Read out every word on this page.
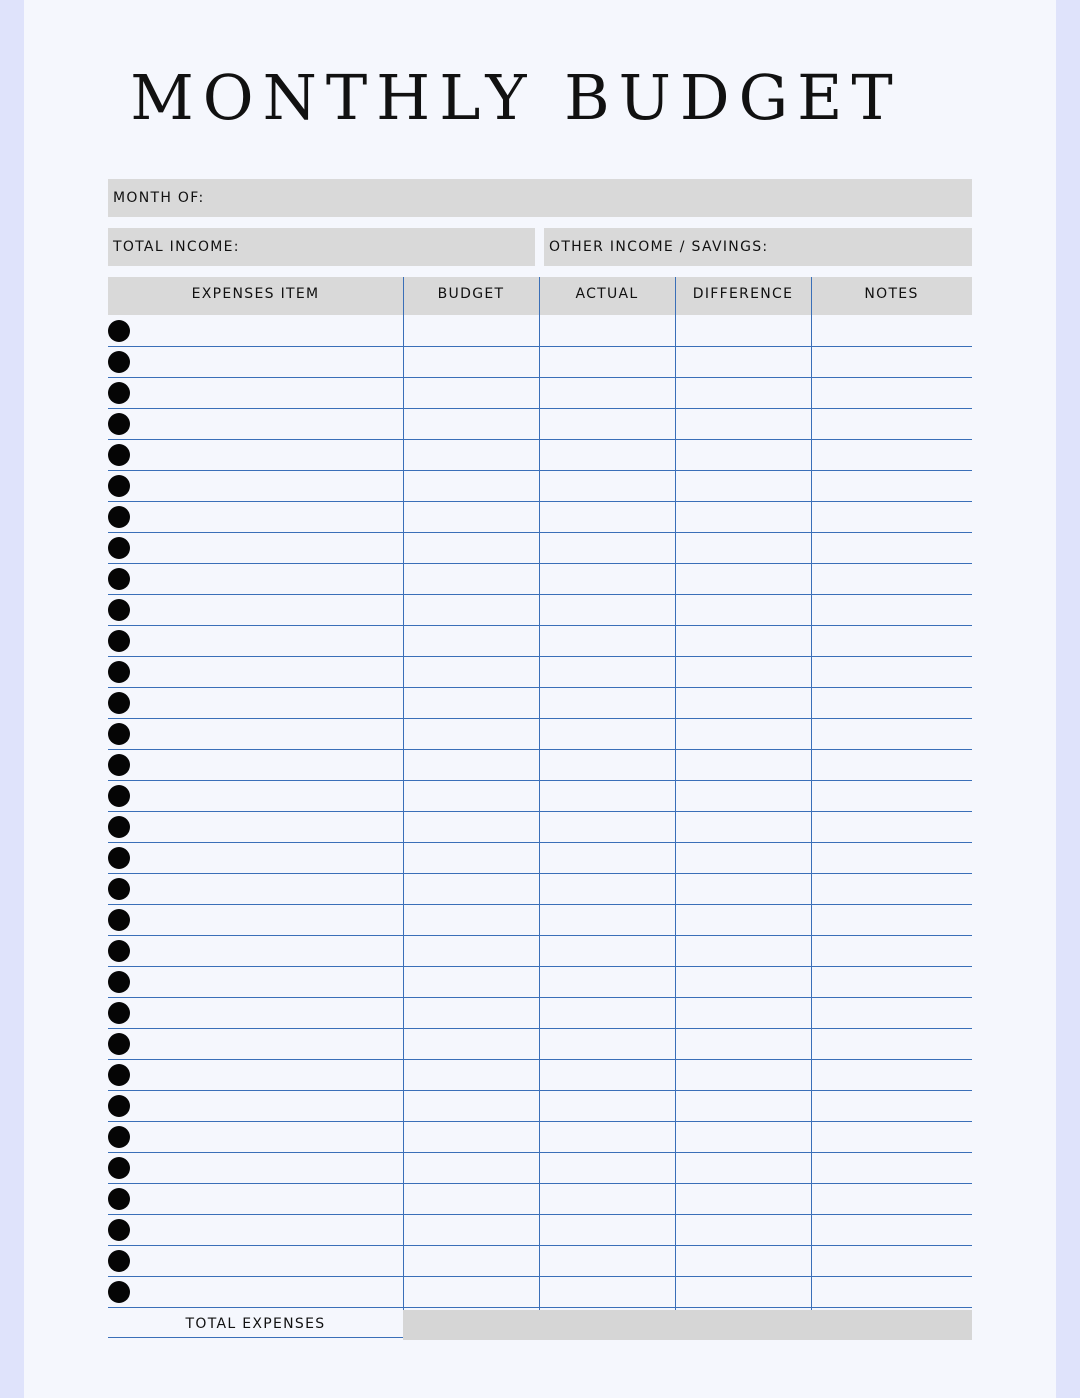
MONTHLY BUDGET
MONTH OF:
TOTAL INCOME:	OTHER INCOME / SAVINGS:
EXPENSES ITEM	BUDGET	ACTUAL	DIFFERENCE	NOTES
TOTAL EXPENSES
